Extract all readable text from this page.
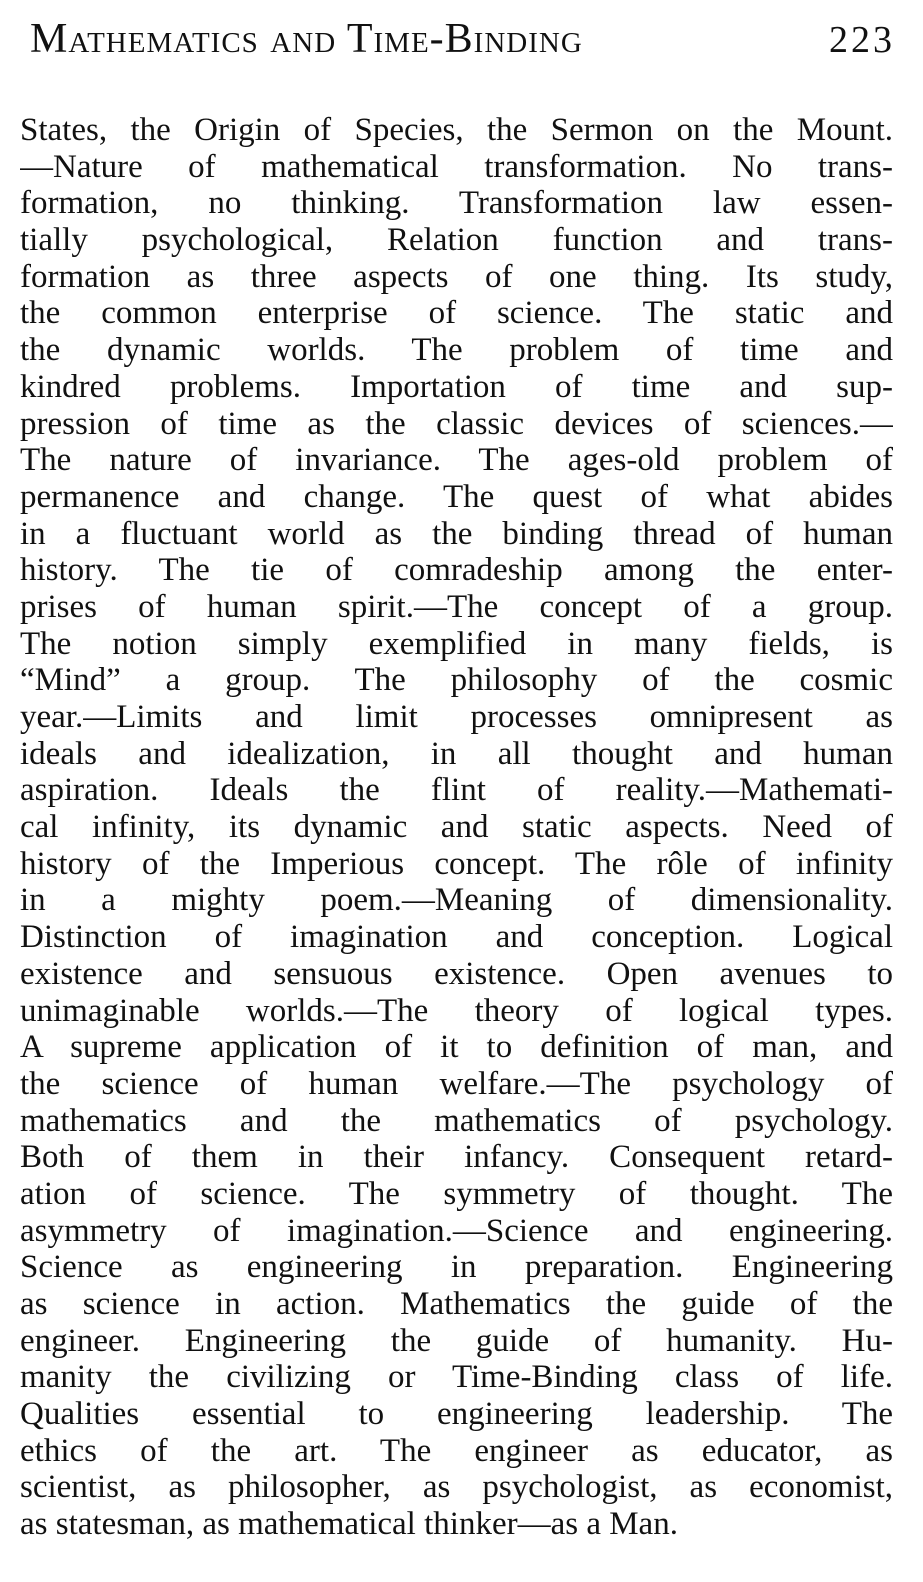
Mathematics and Time-Binding	223
States, the Origin of Species, the Sermon on the Mount.
—Nature of mathematical transformation. No trans-
formation, no thinking. Transformation law essen-
tially psychological, Relation function and trans-
formation as three aspects of one thing. Its study,
the common enterprise of science. The static and
the dynamic worlds. The problem of time and
kindred problems. Importation of time and sup-
pression of time as the classic devices of sciences.—
The nature of invariance. The ages-old problem of
permanence and change. The quest of what abides
in a fluctuant world as the binding thread of human
history. The tie of comradeship among the enter-
prises of human spirit.—The concept of a group.
The notion simply exemplified in many fields, is
“Mind” a group. The philosophy of the cosmic
year.—Limits and limit processes omnipresent as
ideals and idealization, in all thought and human
aspiration. Ideals the flint of reality.—Mathemati-
cal infinity, its dynamic and static aspects. Need of
history of the Imperious concept. The rôle of infinity
in a mighty poem.—Meaning of dimensionality.
Distinction of imagination and conception. Logical
existence and sensuous existence. Open avenues to
unimaginable worlds.—The theory of logical types.
A supreme application of it to definition of man, and
the science of human welfare.—The psychology of
mathematics and the mathematics of psychology.
Both of them in their infancy. Consequent retard-
ation of science. The symmetry of thought. The
asymmetry of imagination.—Science and engineering.
Science as engineering in preparation. Engineering
as science in action. Mathematics the guide of the
engineer. Engineering the guide of humanity. Hu-
manity the civilizing or Time-Binding class of life.
Qualities essential to engineering leadership. The
ethics of the art. The engineer as educator, as
scientist, as philosopher, as psychologist, as economist,
as statesman, as mathematical thinker—as a Man.
